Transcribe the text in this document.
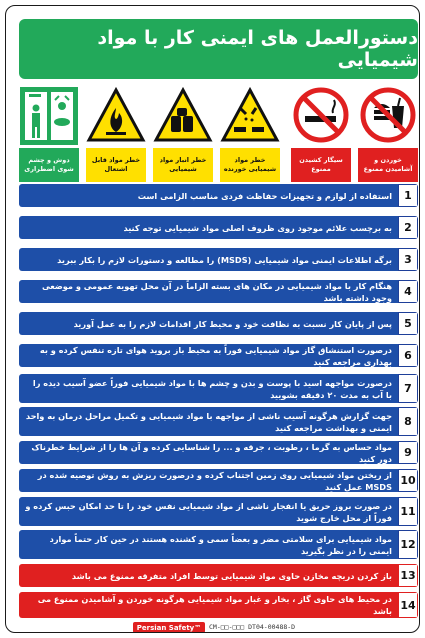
دستورالعمل های ایمنی کار با مواد شیمیایی
دوش و چشم شوی اضطراری
خطر مواد قابل اشتعال
خطر انبار مواد شیمیایی
خطر مواد شیمیایی خورنده
سیگار کشیدن ممنوع
خوردن و آشامیدن ممنوع
1
استفاده از لوازم و تجهیزات حفاظت فردی مناسب الزامی است
2
به برچسب علائم موجود روی ظروف اصلی مواد شیمیایی توجه کنید
3
برگه اطلاعات ایمنی مواد شیمیایی (MSDS) را مطالعه و دستورات لازم را بکار ببرید
4
هنگام کار با مواد شیمیایی در مکان های بسته الزاماً در آن محل تهویه عمومی و موضعی وجود داشته باشد
5
پس از پایان کار نسبت به نظافت خود و محیط کار اقدامات لازم را به عمل آورید
6
درصورت استنشاق گاز مواد شیمیایی فوراً به محیط باز بروید هوای تازه تنفس کرده و به بهداری مراجعه کنید
7
درصورت مواجهه اسید با پوست و بدن و چشم ها با مواد شیمیایی فوراً عضو آسیب دیده را با آب به مدت ۲۰ دقیقه بشویید
8
جهت گزارش هرگونه آسیب ناشی از مواجهه با مواد شیمیایی و تکمیل مراحل درمان به واحد ایمنی و بهداشت مراجعه کنید
9
مواد حساس به گرما ، رطوبت ، جرقه و ... را شناسایی کرده و آن ها را از شرایط خطرناک دور کنید
10
از ریختن مواد شیمیایی روی زمین اجتناب کرده و درصورت ریزش به روش توصیه شده در MSDS عمل کنید
11
در صورت بروز حریق یا انفجار ناشی از مواد شیمیایی نفس خود را تا حد امکان حبس کرده و فوراً از محل خارج شوید
12
مواد شیمیایی برای سلامتی مضر و بعضاً سمی و کشنده هستند در حین کار حتماً موارد ایمنی را در نظر بگیرید
13
باز کردن دریچه مخازن حاوی مواد شیمیایی توسط افراد متفرقه ممنوع می باشد
14
در محیط های حاوی گاز ، بخار و غبار مواد شیمیایی هرگونه خوردن و آشامیدن ممنوع می باشد
Persian Safety™	CM-□□-□□□ DT04-00488-D
